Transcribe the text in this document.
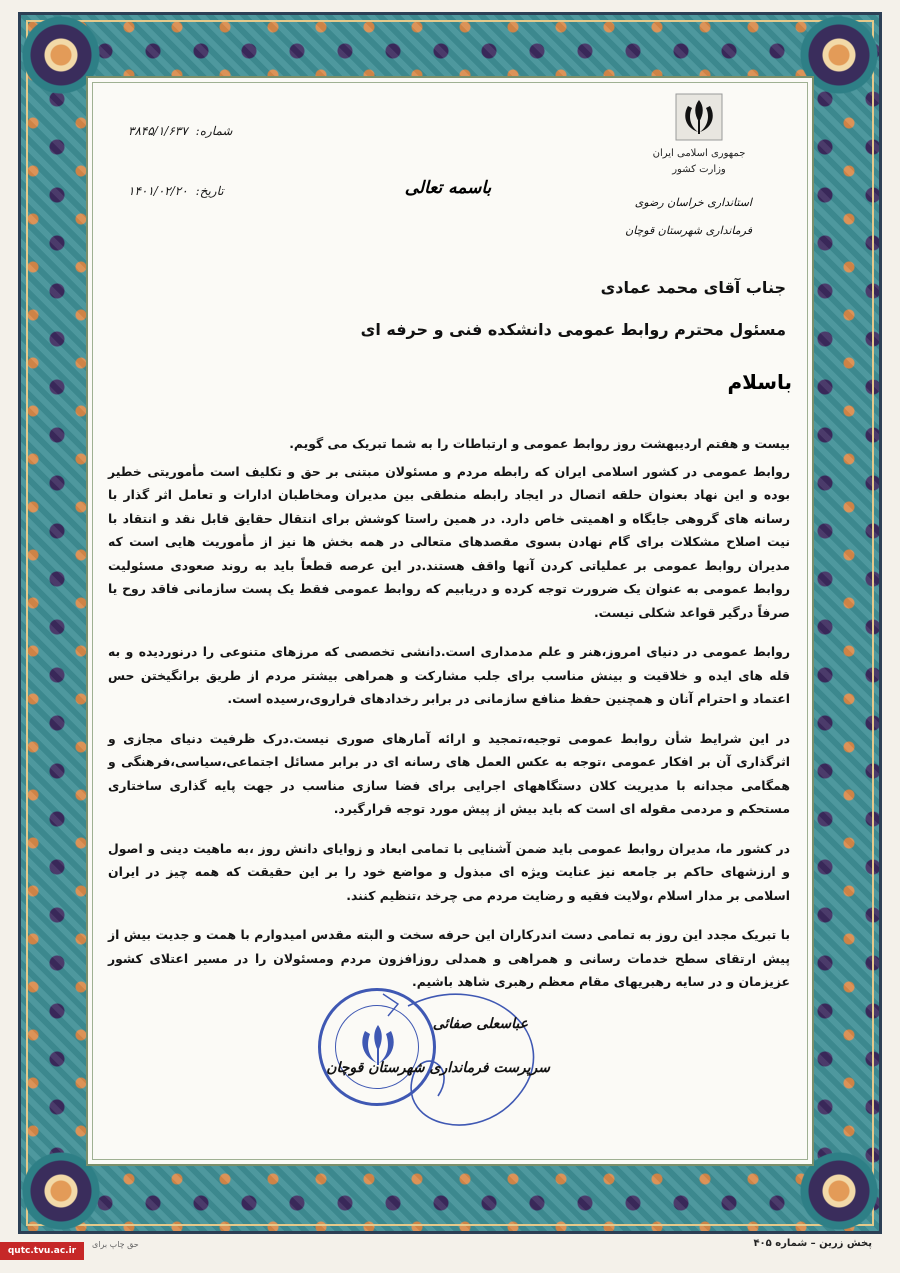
جمهوری اسلامی ایران
وزارت کشور
استانداری خراسان رضوی
فرمانداری شهرستان قوچان
شماره:۳۸۴۵/۱/۶۳۷
تاریخ:۱۴۰۱/۰۲/۲۰	باسمه تعالی
جناب آقای محمد عمادی
مسئول محترم روابط عمومی دانشکده فنی و حرفه ای
باسلام

بیست و هفتم اردیبهشت روز روابط عمومی و ارتباطات را به شما تبریک می گویم.

روابط عمومی در کشور اسلامی ایران که رابطه مردم و مسئولان مبتنی بر حق و تکلیف است مأموریتی خطیر بوده و این نهاد بعنوان حلقه اتصال در ایجاد رابطه منطقی بین مدیران ومخاطبان ادارات و تعامل اثر گذار با رسانه های گروهی جایگاه و اهمیتی خاص دارد. در همین راستا کوشش برای انتقال حقایق قابل نقد و انتقاد با نیت اصلاح مشکلات برای گام نهادن بسوی مقصدهای متعالی در همه بخش ها نیز از مأموریت هایی است که مدیران روابط عمومی بر عملیاتی کردن آنها واقف هستند.در این عرصه قطعاً باید به روند صعودی مسئولیت روابط عمومی به عنوان یک ضرورت توجه کرده و دریابیم که روابط عمومی فقط یک پست سازمانی فاقد روح یا صرفاً درگیر قواعد شکلی نیست.

روابط عمومی در دنیای امروز،هنر و علم مدمداری است.دانشی تخصصی که مرزهای متنوعی را درنوردیده و به قله های ایده و خلاقیت و بینش مناسب برای جلب مشارکت و همراهی بیشتر مردم از طریق برانگیختن حس اعتماد و احترام آنان و همچنین حفظ منافع سازمانی در برابر رخدادهای فراروی،رسیده است.

در این شرایط شأن روابط عمومی توجیه،تمجید و ارائه آمارهای صوری نیست.درک ظرفیت دنیای مجازی و اثرگذاری آن بر افکار عمومی ،توجه به عکس العمل های رسانه ای در برابر مسائل اجتماعی،سیاسی،فرهنگی و همگامی مجدانه با مدیریت کلان دستگاههای اجرایی برای فضا سازی مناسب در جهت پایه گذاری ساختاری مستحکم و مردمی مقوله ای است که باید بیش از پیش مورد توجه قرارگیرد.

در کشور ما، مدیران روابط عمومی باید ضمن آشنایی با تمامی ابعاد و زوایای دانش روز ،به ماهیت دینی و اصول و ارزشهای حاکم بر جامعه نیز عنایت ویژه ای مبذول و مواضع خود را بر این حقیقت که همه چیز در ایران اسلامی بر مدار اسلام ،ولایت فقیه و رضایت مردم می چرخد ،تنظیم کنند.

با تبریک مجدد این روز به تمامی دست اندرکاران این حرفه سخت و البته مقدس امیدوارم با همت و جدیت بیش از پیش ارتقای سطح خدمات رسانی و همراهی و همدلی روزافزون مردم ومسئولان را در مسیر اعتلای کشور عزیزمان و در سایه رهبریهای مقام معظم رهبری شاهد باشیم.

عباسعلی صفائی
سرپرست فرمانداری شهرستان قوچان
پخش زرین – شماره ۴۰۵
حق چاپ برای
qutc.tvu.ac.ir
